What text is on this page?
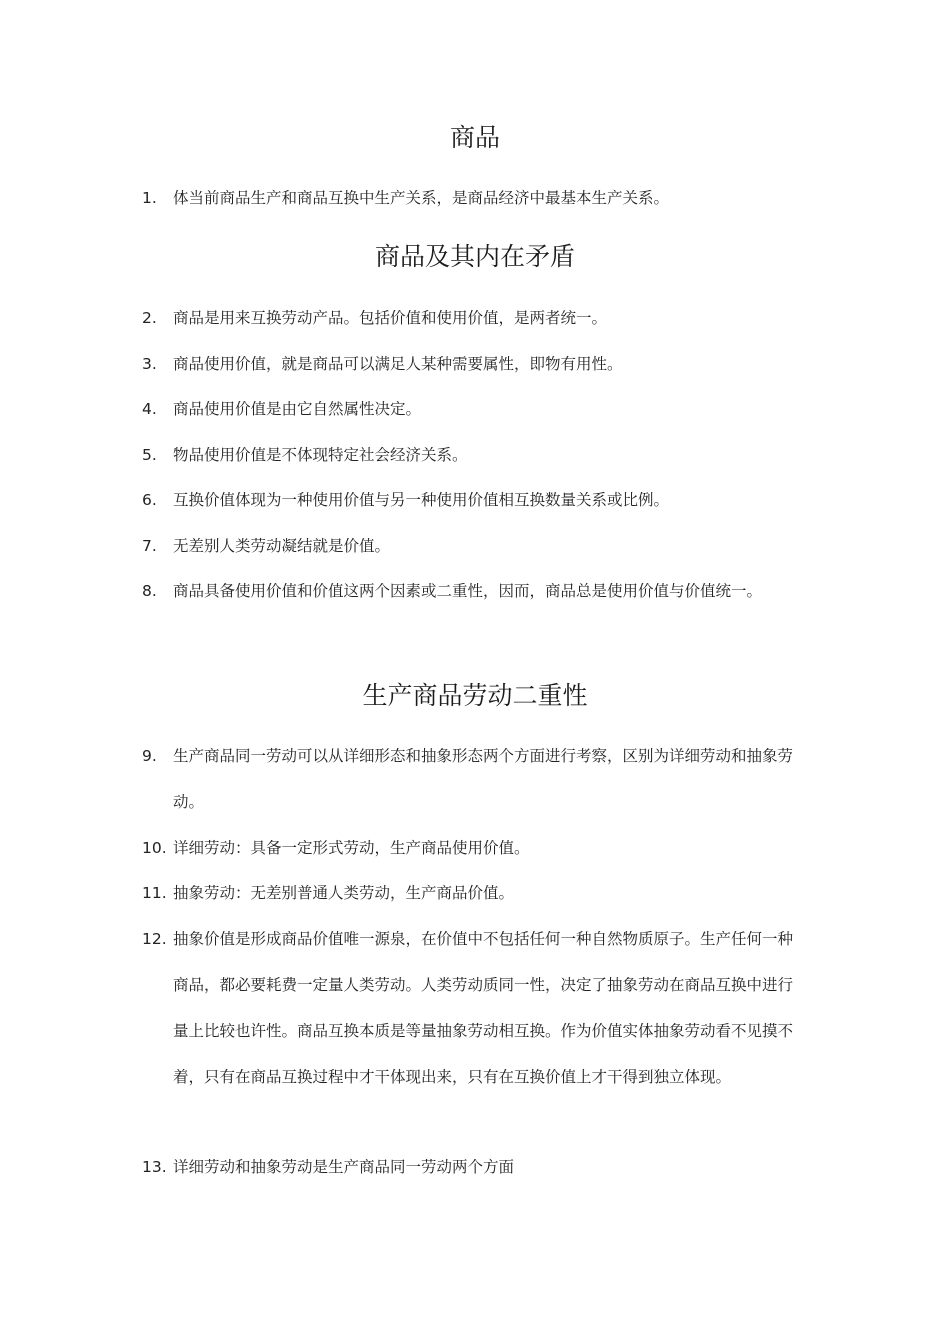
商品
1.	体当前商品生产和商品互换中生产关系，是商品经济中最基本生产关系。
商品及其内在矛盾
2.	商品是用来互换劳动产品。包括价值和使用价值，是两者统一。
3.	商品使用价值，就是商品可以满足人某种需要属性，即物有用性。
4.	商品使用价值是由它自然属性决定。
5.	物品使用价值是不体现特定社会经济关系。
6.	互换价值体现为一种使用价值与另一种使用价值相互换数量关系或比例。
7.	无差别人类劳动凝结就是价值。
8.	商品具备使用价值和价值这两个因素或二重性，因而，商品总是使用价值与价值统一。
生产商品劳动二重性
9.	生产商品同一劳动可以从详细形态和抽象形态两个方面进行考察，区别为详细劳动和抽象劳动。
10. 详细劳动：具备一定形式劳动，生产商品使用价值。
11. 抽象劳动：无差别普通人类劳动，生产商品价值。
12. 抽象价值是形成商品价值唯一源泉，在价值中不包括任何一种自然物质原子。生产任何一种商品，都必要耗费一定量人类劳动。人类劳动质同一性，决定了抽象劳动在商品互换中进行量上比较也许性。商品互换本质是等量抽象劳动相互换。作为价值实体抽象劳动看不见摸不着，只有在商品互换过程中才干体现出来，只有在互换价值上才干得到独立体现。
13. 详细劳动和抽象劳动是生产商品同一劳动两个方面
